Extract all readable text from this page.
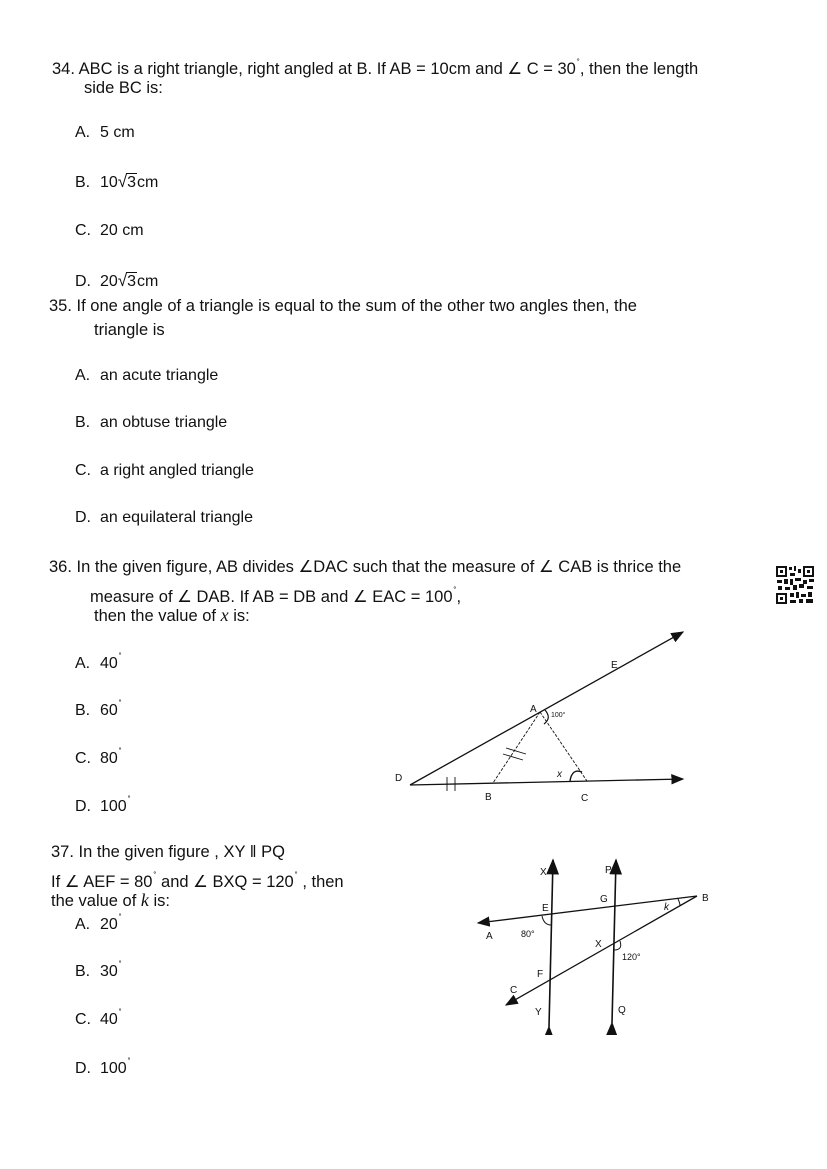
34. ABC is a right triangle, right angled at B. If AB = 10cm and ∠ C = 30˚, then the length
side BC is:
A. 5 cm
B. 10√3cm
C. 20 cm
D. 20√3cm
35. If one angle of a triangle is equal to the sum of the other two angles then, the
triangle is
A. an acute triangle
B. an obtuse triangle
C. a right angled triangle
D. an equilateral triangle
36. In the given figure, AB divides ∠DAC such that the measure of ∠ CAB is thrice the
measure of ∠ DAB. If AB = DB and ∠ EAC = 100˚,
then the value of x is:
A. 40˚
B. 60˚
C. 80˚
D. 100˚
D
B	C
A
E
100°
x
37. In the given figure , XY ‖ PQ
If ∠ AEF = 80˚ and ∠ BXQ = 120˚ , then
the value of k is:
A. 20˚
B. 30˚
C. 40˚
D. 100˚
X
Y
P
Q
E
G	B
A
F
C
X
80°
120°
k
